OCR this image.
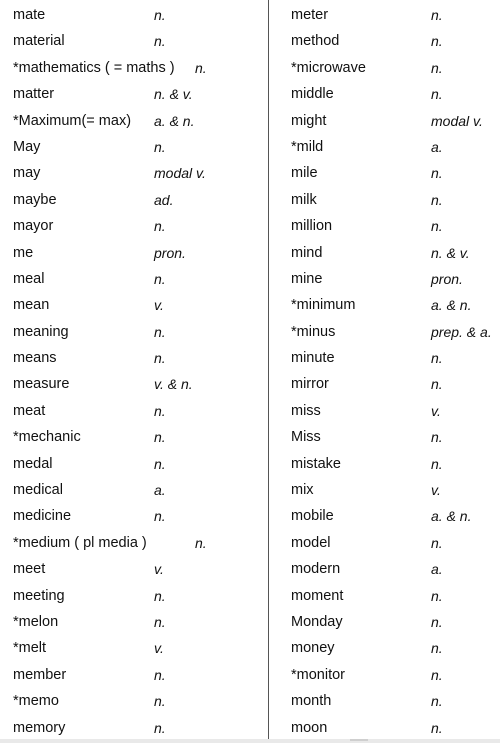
mate	n.
material	n.
*mathematics ( = maths ) n.
matter	n. & v.
*Maximum(= max) a. & n.
May	n.
may	modal v.
maybe	ad.
mayor	n.
me	pron.
meal	n.
mean	v.
meaning	n.
means	n.
measure	v. & n.
meat	n.
*mechanic	n.
medal	n.
medical	a.
medicine	n.
*medium ( pl media )	n.
meet	v.
meeting	n.
*melon	n.
*melt	v.
member	n.
*memo	n.
memory	n.
meter	n.
method	n.
*microwave	n.
middle	n.
might	modal v.
*mild	a.
mile	n.
milk	n.
million	n.
mind	n. & v.
mine	pron.
*minimum	a. & n.
*minus	prep. & a.
minute	n.
mirror	n.
miss	v.
Miss	n.
mistake	n.
mix	v.
mobile	a. & n.
model	n.
modern	a.
moment	n.
Monday	n.
money	n.
*monitor	n.
month	n.
moon	n.
